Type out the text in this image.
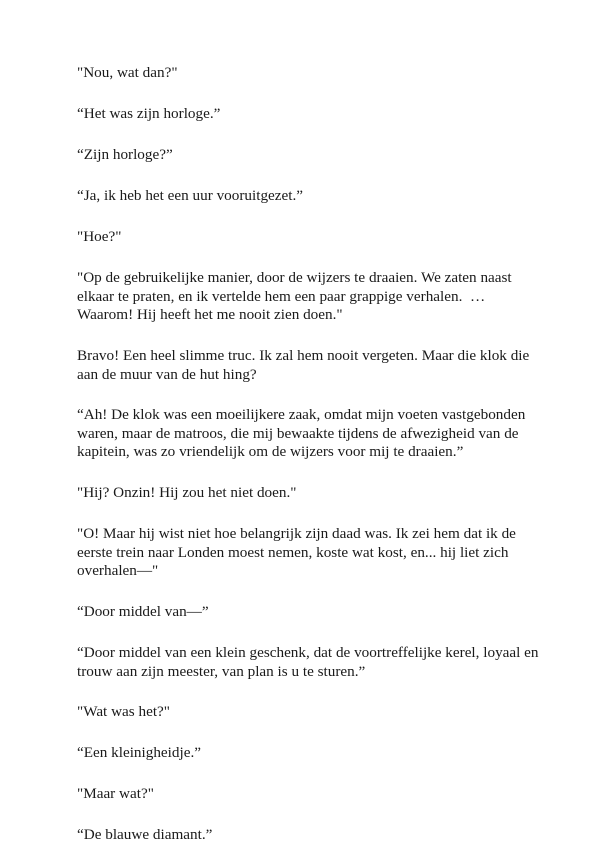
"Nou, wat dan?"

“Het was zijn horloge.”

“Zijn horloge?”

“Ja, ik heb het een uur vooruitgezet.”

"Hoe?"

"Op de gebruikelijke manier, door de wijzers te draaien. We zaten naast
elkaar te praten, en ik vertelde hem een paar grappige verhalen.  …
Waarom! Hij heeft het me nooit zien doen."

Bravo! Een heel slimme truc. Ik zal hem nooit vergeten. Maar die klok die
aan de muur van de hut hing?

“Ah! De klok was een moeilijkere zaak, omdat mijn voeten vastgebonden
waren, maar de matroos, die mij bewaakte tijdens de afwezigheid van de
kapitein, was zo vriendelijk om de wijzers voor mij te draaien.”

"Hij? Onzin! Hij zou het niet doen."

"O! Maar hij wist niet hoe belangrijk zijn daad was. Ik zei hem dat ik de
eerste trein naar Londen moest nemen, koste wat kost, en... hij liet zich
overhalen—"

“Door middel van—”

“Door middel van een klein geschenk, dat de voortreffelijke kerel, loyaal en
trouw aan zijn meester, van plan is u te sturen.”

"Wat was het?"

“Een kleinigheidje.”

"Maar wat?"

“De blauwe diamant.”
